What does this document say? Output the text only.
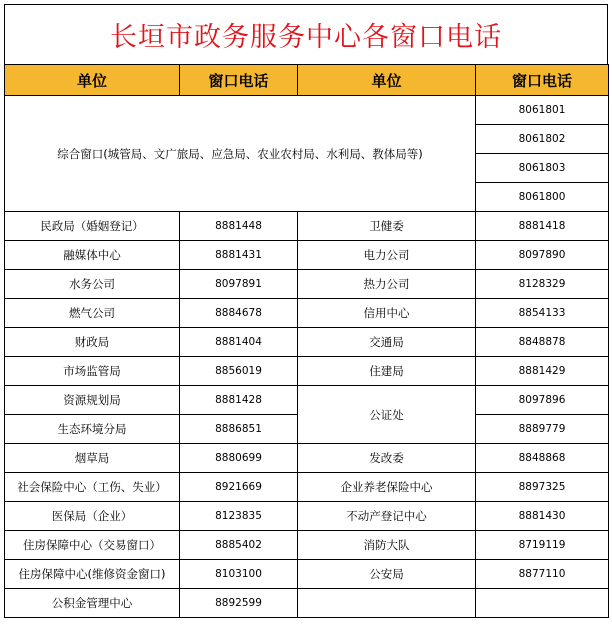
长垣市政务服务中心各窗口电话
单位	窗口电话	单位	窗口电话
综合窗口(城管局、文广旅局、应急局、农业农村局、水利局、教体局等)			8061801
			8061802
			8061803
			8061800
民政局（婚姻登记）	8881448	卫健委	8881418
融媒体中心	8881431	电力公司	8097890
水务公司	8097891	热力公司	8128329
燃气公司	8884678	信用中心	8854133
财政局	8881404	交通局	8848878
市场监管局	8856019	住建局	8881429
资源规划局	8881428	公证处	8097896
生态环境分局	8886851		8889779
烟草局	8880699	发改委	8848868
社会保险中心（工伤、失业）	8921669	企业养老保险中心	8897325
医保局（企业）	8123835	不动产登记中心	8881430
住房保障中心（交易窗口）	8885402	消防大队	8719119
住房保障中心(维修资金窗口)	8103100	公安局	8877110
公积金管理中心	8892599		
